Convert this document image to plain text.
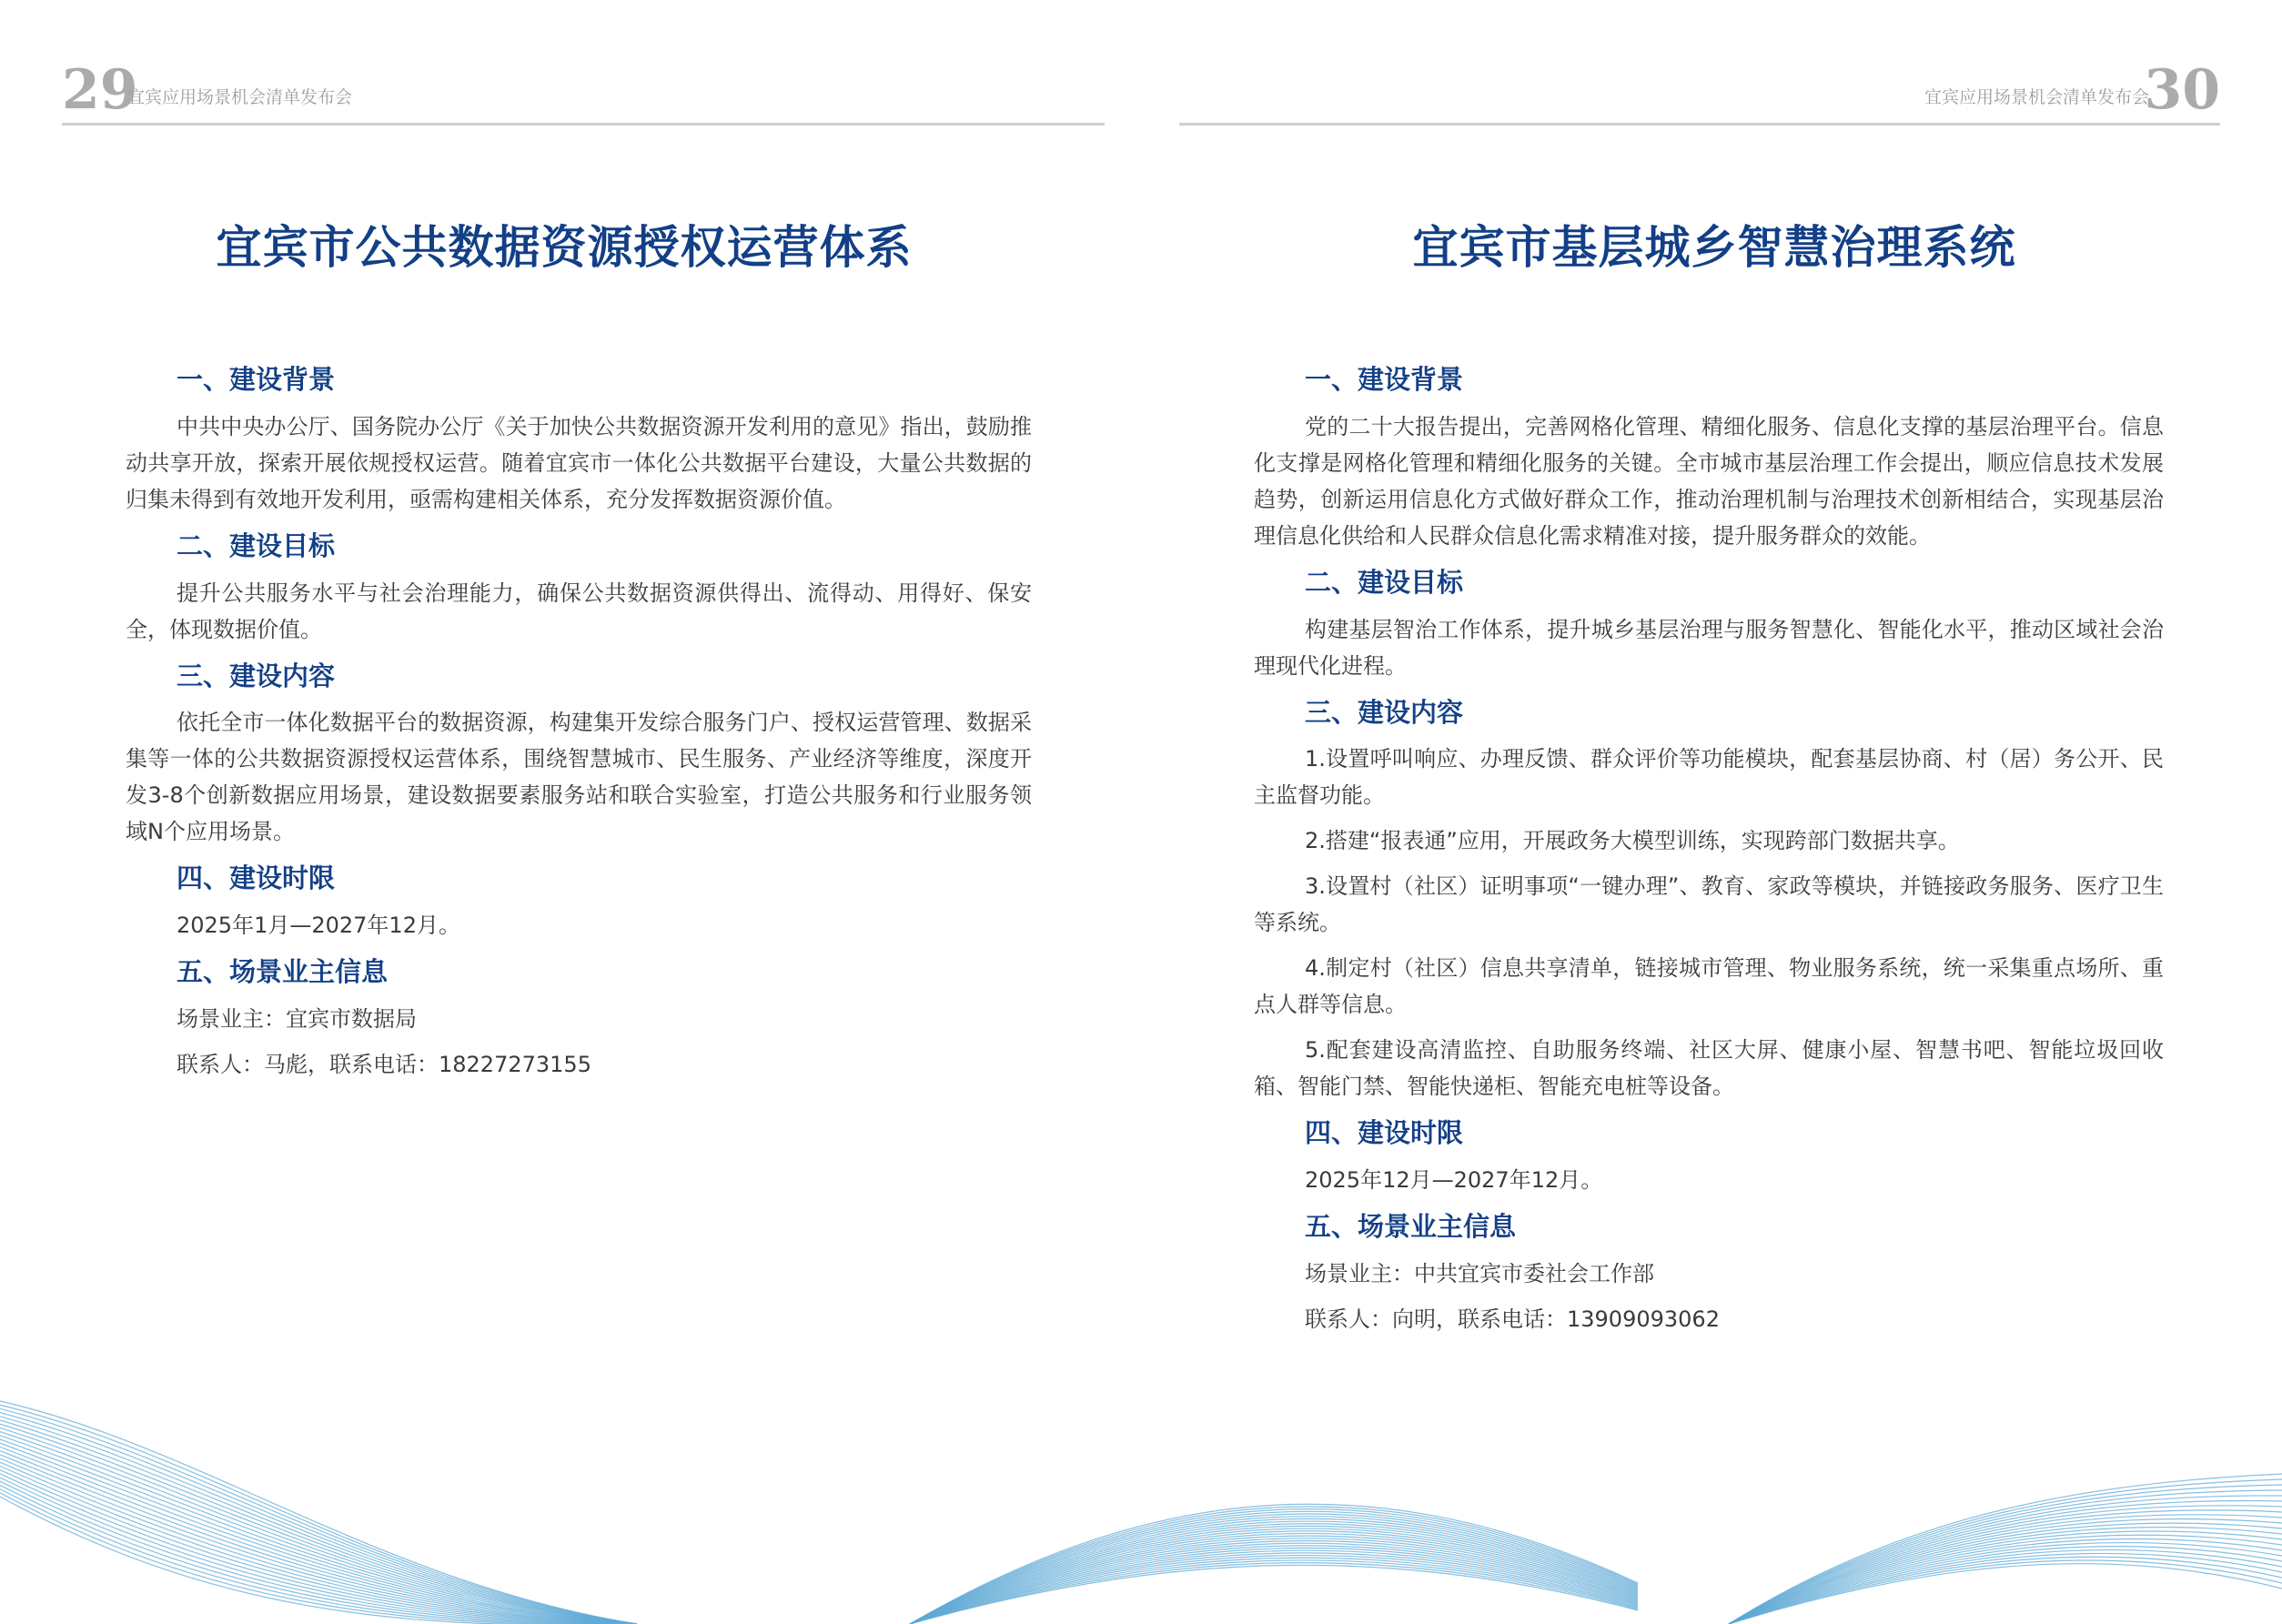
29
宜宾应用场景机会清单发布会
宜宾市公共数据资源授权运营体系
一、建设背景

中共中央办公厅、国务院办公厅《关于加快公共数据资源开发利用的意见》指出，鼓励推动共享开放，探索开展依规授权运营。随着宜宾市一体化公共数据平台建设，大量公共数据的归集未得到有效地开发利用，亟需构建相关体系，充分发挥数据资源价值。

二、建设目标

提升公共服务水平与社会治理能力，确保公共数据资源供得出、流得动、用得好、保安全，体现数据价值。

三、建设内容

依托全市一体化数据平台的数据资源，构建集开发综合服务门户、授权运营管理、数据采集等一体的公共数据资源授权运营体系，围绕智慧城市、民生服务、产业经济等维度，深度开发3-8个创新数据应用场景，建设数据要素服务站和联合实验室，打造公共服务和行业服务领域N个应用场景。

四、建设时限

2025年1月—2027年12月。

五、场景业主信息

场景业主：宜宾市数据局

联系人：马彪，联系电话：18227273155

宜宾应用场景机会清单发布会
30
宜宾市基层城乡智慧治理系统
一、建设背景

党的二十大报告提出，完善网格化管理、精细化服务、信息化支撑的基层治理平台。信息化支撑是网格化管理和精细化服务的关键。全市城市基层治理工作会提出，顺应信息技术发展趋势，创新运用信息化方式做好群众工作，推动治理机制与治理技术创新相结合，实现基层治理信息化供给和人民群众信息化需求精准对接，提升服务群众的效能。

二、建设目标

构建基层智治工作体系，提升城乡基层治理与服务智慧化、智能化水平，推动区域社会治理现代化进程。

三、建设内容

1.设置呼叫响应、办理反馈、群众评价等功能模块，配套基层协商、村（居）务公开、民主监督功能。

2.搭建“报表通”应用，开展政务大模型训练，实现跨部门数据共享。

3.设置村（社区）证明事项“一键办理”、教育、家政等模块，并链接政务服务、医疗卫生等系统。

4.制定村（社区）信息共享清单，链接城市管理、物业服务系统，统一采集重点场所、重点人群等信息。

5.配套建设高清监控、自助服务终端、社区大屏、健康小屋、智慧书吧、智能垃圾回收箱、智能门禁、智能快递柜、智能充电桩等设备。

四、建设时限

2025年12月—2027年12月。

五、场景业主信息

场景业主：中共宜宾市委社会工作部

联系人：向明，联系电话：13909093062
